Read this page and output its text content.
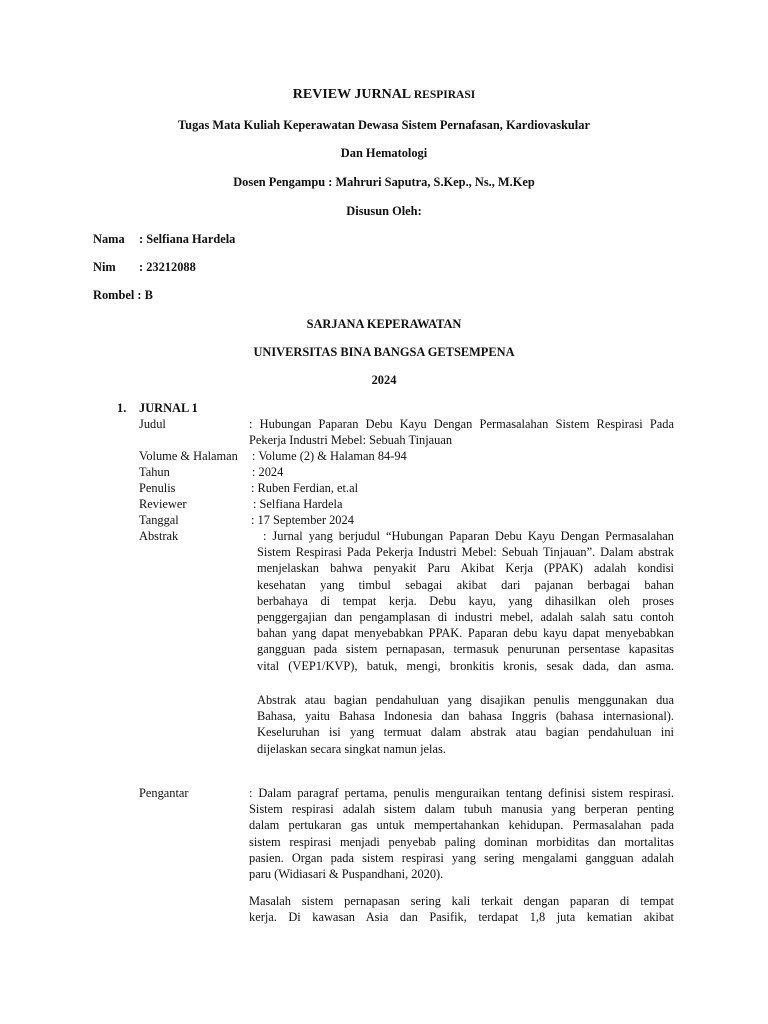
REVIEW JURNAL RESPIRASI
Tugas Mata Kuliah Keperawatan Dewasa Sistem Pernafasan, Kardiovaskular
Dan Hematologi
Dosen Pengampu : Mahruri Saputra, S.Kep., Ns., M.Kep
Disusun Oleh:
Nama : Selfiana Hardela
Nim : 23212088
Rombel : B
SARJANA KEPERAWATAN
UNIVERSITAS BINA BANGSA GETSEMPENA
2024
1. JURNAL 1
Judul
Volume & Halaman
Tahun
Penulis
Reviewer
Tanggal
Abstrak
Pengantar
: Hubungan Paparan Debu Kayu Dengan Permasalahan Sistem Respirasi Pada
Pekerja Industri Mebel: Sebuah Tinjauan
: Volume (2) & Halaman 84-94
: 2024
: Ruben Ferdian, et.al
: Selfiana Hardela
: 17 September 2024
: Jurnal yang berjudul “Hubungan Paparan Debu Kayu Dengan Permasalahan
Sistem Respirasi Pada Pekerja Industri Mebel: Sebuah Tinjauan”. Dalam abstrak
menjelaskan bahwa penyakit Paru Akibat Kerja (PPAK) adalah kondisi
kesehatan yang timbul sebagai akibat dari pajanan berbagai bahan
berbahaya di tempat kerja. Debu kayu, yang dihasilkan oleh proses
penggergajian dan pengamplasan di industri mebel, adalah salah satu contoh
bahan yang dapat menyebabkan PPAK. Paparan debu kayu dapat menyebabkan
gangguan pada sistem pernapasan, termasuk penurunan persentase kapasitas
vital (VEP1/KVP), batuk, mengi, bronkitis kronis, sesak dada, dan asma.
Abstrak atau bagian pendahuluan yang disajikan penulis menggunakan dua
Bahasa, yaitu Bahasa Indonesia dan bahasa Inggris (bahasa internasional).
Keseluruhan isi yang termuat dalam abstrak atau bagian pendahuluan ini
dijelaskan secara singkat namun jelas.
: Dalam paragraf pertama, penulis menguraikan tentang definisi sistem respirasi.
Sistem respirasi adalah sistem dalam tubuh manusia yang berperan penting
dalam pertukaran gas untuk mempertahankan kehidupan. Permasalahan pada
sistem respirasi menjadi penyebab paling dominan morbiditas dan mortalitas
pasien. Organ pada sistem respirasi yang sering mengalami gangguan adalah
paru (Widiasari & Puspandhani, 2020).
Masalah sistem pernapasan sering kali terkait dengan paparan di tempat
kerja. Di kawasan Asia dan Pasifik, terdapat 1,8 juta kematian akibat
